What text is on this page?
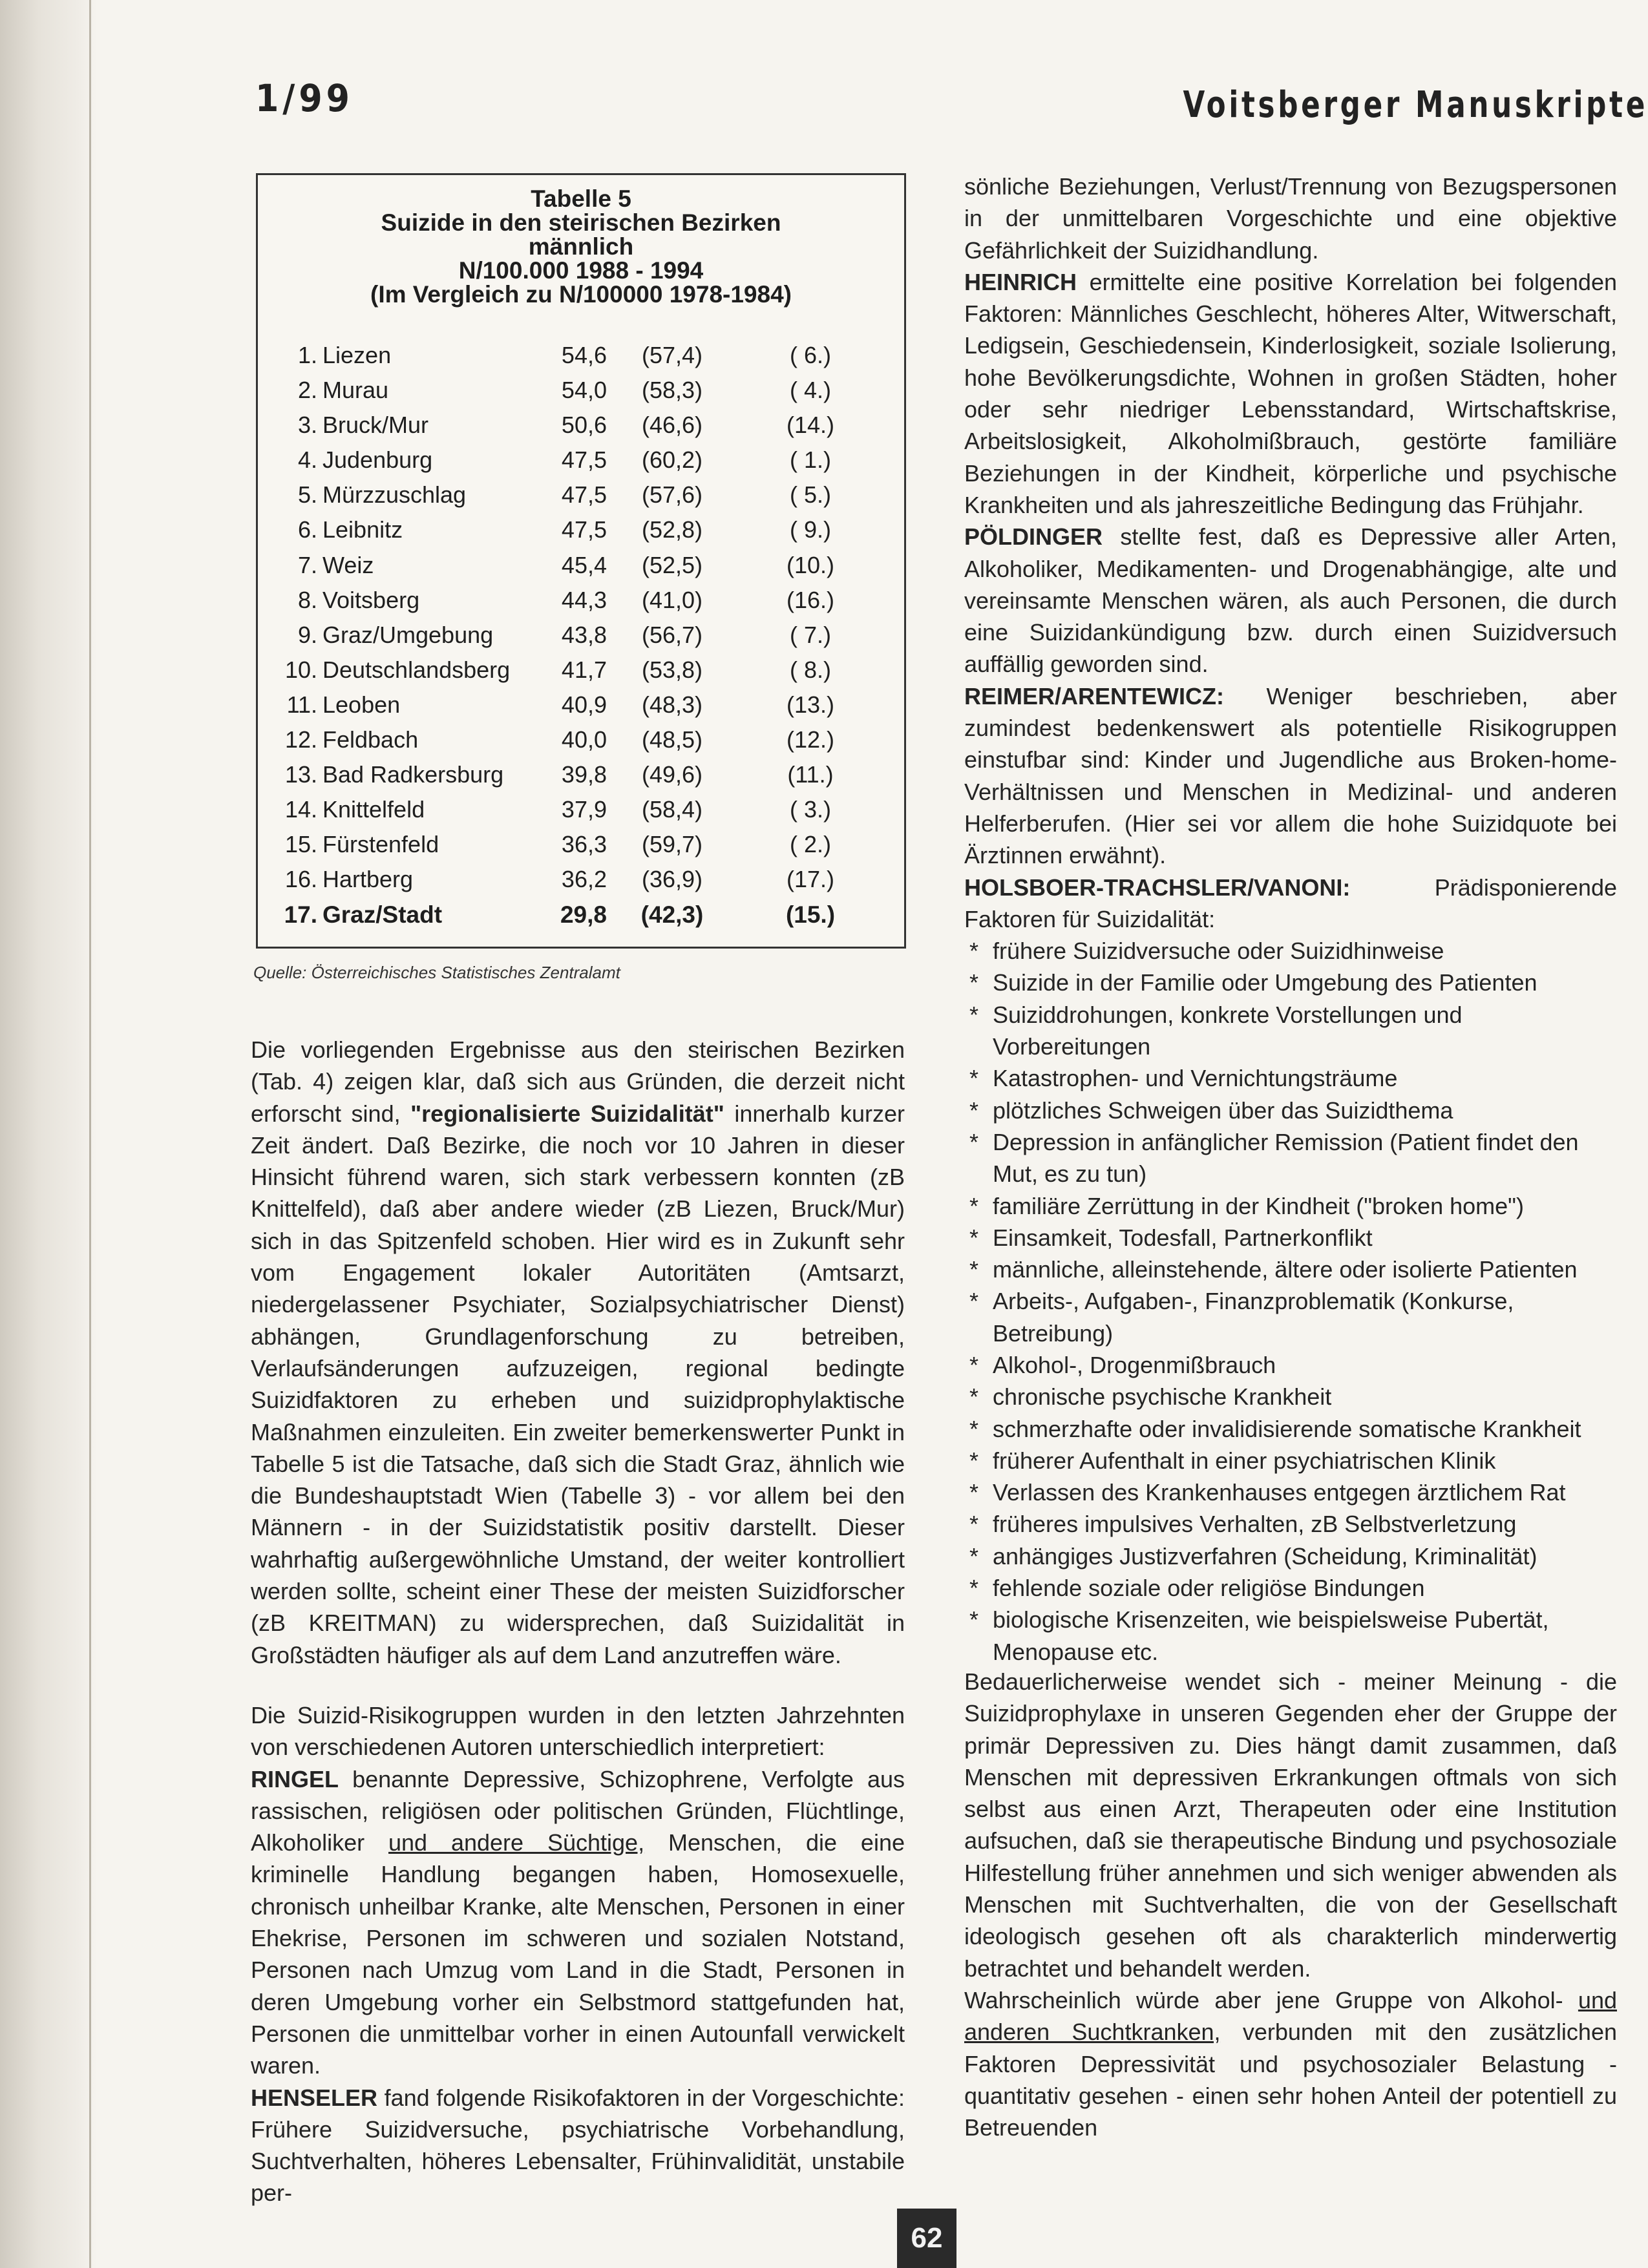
1/99	Voitsberger Manuskripte
Tabelle 5
Suizide in den steirischen Bezirken
männlich
N/100.000 1988 - 1994
(Im Vergleich zu N/100000 1978-1984)
1. Liezen	54,6	(57,4)	( 6.)
2. Murau	54,0	(58,3)	( 4.)
3. Bruck/Mur	50,6	(46,6)	(14.)
4. Judenburg	47,5	(60,2)	( 1.)
5. Mürzzuschlag	47,5	(57,6)	( 5.)
6. Leibnitz	47,5	(52,8)	( 9.)
7. Weiz	45,4	(52,5)	(10.)
8. Voitsberg	44,3	(41,0)	(16.)
9. Graz/Umgebung	43,8	(56,7)	( 7.)
10. Deutschlandsberg	41,7	(53,8)	( 8.)
11. Leoben	40,9	(48,3)	(13.)
12. Feldbach	40,0	(48,5)	(12.)
13. Bad Radkersburg	39,8	(49,6)	(11.)
14. Knittelfeld	37,9	(58,4)	( 3.)
15. Fürstenfeld	36,3	(59,7)	( 2.)
16. Hartberg	36,2	(36,9)	(17.)
17. Graz/Stadt	29,8	(42,3)	(15.)
Quelle: Österreichisches Statistisches Zentralamt

Die vorliegenden Ergebnisse aus den steirischen Bezirken (Tab. 4) zeigen klar, daß sich aus Gründen, die derzeit nicht erforscht sind, "regionalisierte Suizidalität" innerhalb kurzer Zeit ändert. Daß Bezirke, die noch vor 10 Jahren in dieser Hinsicht führend waren, sich stark verbessern konnten (zB Knittelfeld), daß aber andere wieder (zB Liezen, Bruck/Mur) sich in das Spitzenfeld schoben. Hier wird es in Zukunft sehr vom Engagement lokaler Autoritäten (Amtsarzt, niedergelassener Psychiater, Sozialpsychiatrischer Dienst) abhängen, Grundlagenforschung zu betreiben, Verlaufsänderungen aufzuzeigen, regional bedingte Suizidfaktoren zu erheben und suizidprophylaktische Maßnahmen einzuleiten. Ein zweiter bemerkenswerter Punkt in Tabelle 5 ist die Tatsache, daß sich die Stadt Graz, ähnlich wie die Bundeshauptstadt Wien (Tabelle 3) - vor allem bei den Männern - in der Suizidstatistik positiv darstellt. Dieser wahrhaftig außergewöhnliche Umstand, der weiter kontrolliert werden sollte, scheint einer These der meisten Suizidforscher (zB KREITMAN) zu widersprechen, daß Suizidalität in Großstädten häufiger als auf dem Land anzutreffen wäre.

Die Suizid-Risikogruppen wurden in den letzten Jahrzehnten von verschiedenen Autoren unterschiedlich interpretiert:

RINGEL benannte Depressive, Schizophrene, Verfolgte aus rassischen, religiösen oder politischen Gründen, Flüchtlinge, Alkoholiker und andere Süchtige, Menschen, die eine kriminelle Handlung begangen haben, Homosexuelle, chronisch unheilbar Kranke, alte Menschen, Personen in einer Ehekrise, Personen im schweren und sozialen Notstand, Personen nach Umzug vom Land in die Stadt, Personen in deren Umgebung vorher ein Selbstmord stattgefunden hat, Personen die unmittelbar vorher in einen Autounfall verwickelt waren.

HENSELER fand folgende Risikofaktoren in der Vorgeschichte: Frühere Suizidversuche, psychiatrische Vorbehandlung, Suchtverhalten, höheres Lebensalter, Frühinvalidität, unstabile per-

sönliche Beziehungen, Verlust/Trennung von Bezugspersonen in der unmittelbaren Vorgeschichte und eine objektive Gefährlichkeit der Suizidhandlung.

HEINRICH ermittelte eine positive Korrelation bei folgenden Faktoren: Männliches Geschlecht, höheres Alter, Witwerschaft, Ledigsein, Geschiedensein, Kinderlosigkeit, soziale Isolierung, hohe Bevölkerungsdichte, Wohnen in großen Städten, hoher oder sehr niedriger Lebensstandard, Wirtschaftskrise, Arbeitslosigkeit, Alkoholmißbrauch, gestörte familiäre Beziehungen in der Kindheit, körperliche und psychische Krankheiten und als jahreszeitliche Bedingung das Frühjahr.

PÖLDINGER stellte fest, daß es Depressive aller Arten, Alkoholiker, Medikamenten- und Drogenabhängige, alte und vereinsamte Menschen wären, als auch Personen, die durch eine Suizidankündigung bzw. durch einen Suizidversuch auffällig geworden sind.

REIMER/ARENTEWICZ: Weniger beschrieben, aber zumindest bedenkenswert als potentielle Risikogruppen einstufbar sind: Kinder und Jugendliche aus Broken-home-Verhältnissen und Menschen in Medizinal- und anderen Helferberufen. (Hier sei vor allem die hohe Suizidquote bei Ärztinnen erwähnt).

HOLSBOER-TRACHSLER/VANONI: Prädisponierende Faktoren für Suizidalität:

* frühere Suizidversuche oder Suizidhinweise
* Suizide in der Familie oder Umgebung des Patienten
* Suiziddrohungen, konkrete Vorstellungen und Vorbereitungen
* Katastrophen- und Vernichtungsträume
* plötzliches Schweigen über das Suizidthema
* Depression in anfänglicher Remission (Patient findet den Mut, es zu tun)
* familiäre Zerrüttung in der Kindheit ("broken home")
* Einsamkeit, Todesfall, Partnerkonflikt
* männliche, alleinstehende, ältere oder isolierte Patienten
* Arbeits-, Aufgaben-, Finanzproblematik (Konkurse, Betreibung)
* Alkohol-, Drogenmißbrauch
* chronische psychische Krankheit
* schmerzhafte oder invalidisierende somatische Krankheit
* früherer Aufenthalt in einer psychiatrischen Klinik
* Verlassen des Krankenhauses entgegen ärztlichem Rat
* früheres impulsives Verhalten, zB Selbstverletzung
* anhängiges Justizverfahren (Scheidung, Kriminalität)
* fehlende soziale oder religiöse Bindungen
* biologische Krisenzeiten, wie beispielsweise Pubertät, Menopause etc.

Bedauerlicherweise wendet sich - meiner Meinung - die Suizidprophylaxe in unseren Gegenden eher der Gruppe der primär Depressiven zu. Dies hängt damit zusammen, daß Menschen mit depressiven Erkrankungen oftmals von sich selbst aus einen Arzt, Therapeuten oder eine Institution aufsuchen, daß sie therapeutische Bindung und psychosoziale Hilfestellung früher annehmen und sich weniger abwenden als Menschen mit Suchtverhalten, die von der Gesellschaft ideologisch gesehen oft als charakterlich minderwertig betrachtet und behandelt werden.

Wahrscheinlich würde aber jene Gruppe von Alkohol- und anderen Suchtkranken, verbunden mit den zusätzlichen Faktoren Depressivität und psychosozialer Belastung - quantitativ gesehen - einen sehr hohen Anteil der potentiell zu Betreuenden

62
